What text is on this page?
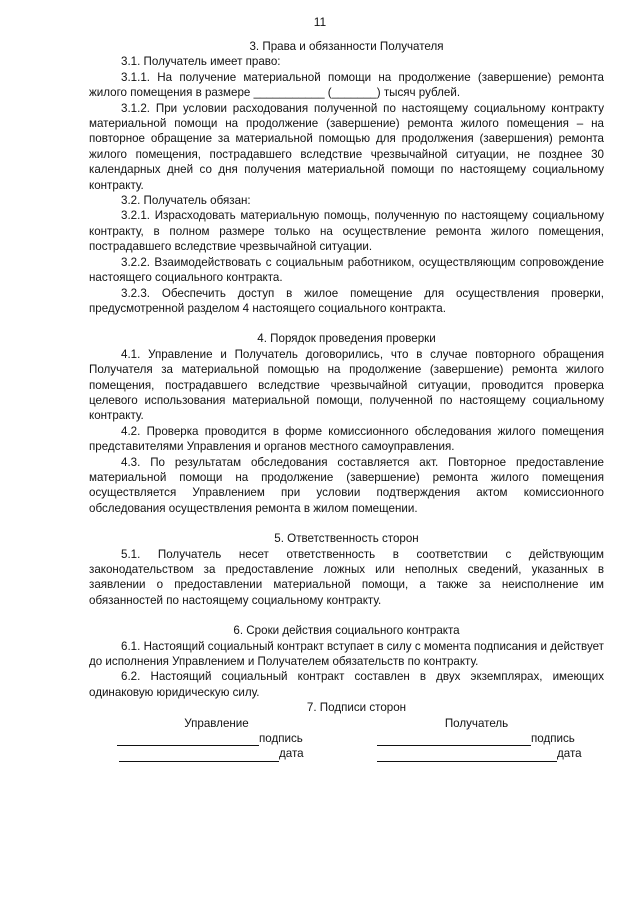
11
3. Права и обязанности Получателя
3.1. Получатель имеет право:
3.1.1. На получение материальной помощи на продолжение (завершение) ремонта жилого помещения в размере ___________ (_______) тысяч рублей.
3.1.2. При условии расходования полученной по настоящему социальному контракту материальной помощи на продолжение (завершение) ремонта жилого помещения – на повторное обращение за материальной помощью для продолжения (завершения) ремонта жилого помещения, пострадавшего вследствие чрезвычайной ситуации, не позднее 30 календарных дней со дня получения материальной помощи по настоящему социальному контракту.
3.2. Получатель обязан:
3.2.1. Израсходовать материальную помощь, полученную по настоящему социальному контракту, в полном размере только на осуществление ремонта жилого помещения, пострадавшего вследствие чрезвычайной ситуации.
3.2.2. Взаимодействовать с социальным работником, осуществляющим сопровождение настоящего социального контракта.
3.2.3. Обеспечить доступ в жилое помещение для осуществления проверки, предусмотренной разделом 4 настоящего социального контракта.
4. Порядок проведения проверки
4.1. Управление и Получатель договорились, что в случае повторного обращения Получателя за материальной помощью на продолжение (завершение) ремонта жилого помещения, пострадавшего вследствие чрезвычайной ситуации, проводится проверка целевого использования материальной помощи, полученной по настоящему социальному контракту.
4.2. Проверка проводится в форме комиссионного обследования жилого помещения представителями Управления и органов местного самоуправления.
4.3. По результатам обследования составляется акт. Повторное предоставление материальной помощи на продолжение (завершение) ремонта жилого помещения осуществляется Управлением при условии подтверждения актом комиссионного обследования осуществления ремонта в жилом помещении.
5. Ответственность сторон
5.1. Получатель несет ответственность в соответствии с действующим законодательством за предоставление ложных или неполных сведений, указанных в заявлении о предоставлении материальной помощи, а также за неисполнение им обязанностей по настоящему социальному контракту.
6. Сроки действия социального контракта
6.1. Настоящий социальный контракт вступает в силу с момента подписания и действует до исполнения Управлением и Получателем обязательств по контракту.
6.2. Настоящий социальный контракт составлен в двух экземплярах, имеющих одинаковую юридическую силу.
7. Подписи сторон
Управление
подпись
дата
Получатель
подпись
дата
